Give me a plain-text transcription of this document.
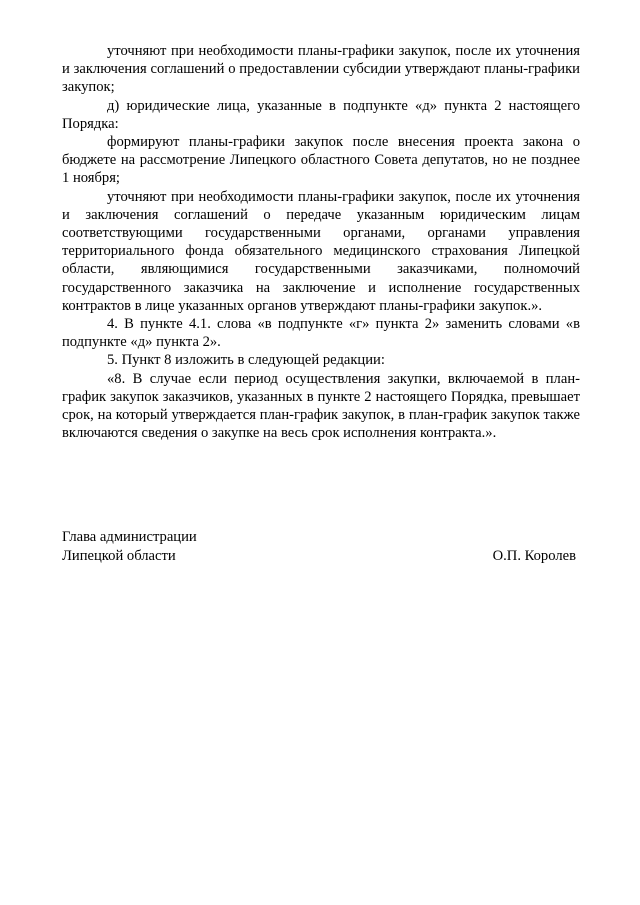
уточняют при необходимости планы-графики закупок, после их уточнения и заключения соглашений о предоставлении субсидии утверждают планы-графики закупок;

д) юридические лица, указанные в подпункте «д» пункта 2 настоящего Порядка:

формируют планы-графики закупок после внесения проекта закона о бюджете на рассмотрение Липецкого областного Совета депутатов, но не позднее 1 ноября;

уточняют при необходимости планы-графики закупок, после их уточнения и заключения соглашений о передаче указанным юридическим лицам соответствующими государственными органами, органами управления территориального фонда обязательного медицинского страхования Липецкой области, являющимися государственными заказчиками, полномочий государственного заказчика на заключение и исполнение государственных контрактов в лице указанных органов утверждают планы-графики закупок.».

4. В пункте 4.1. слова «в подпункте «г» пункта 2» заменить словами «в подпункте «д» пункта 2».

5. Пункт 8 изложить в следующей редакции:

«8. В случае если период осуществления закупки, включаемой в план-график закупок заказчиков, указанных в пункте 2 настоящего Порядка, превышает срок, на который утверждается план-график закупок, в план-график закупок также включаются сведения о закупке на весь срок исполнения контракта.».

Глава администрации
Липецкой области	О.П. Королев
